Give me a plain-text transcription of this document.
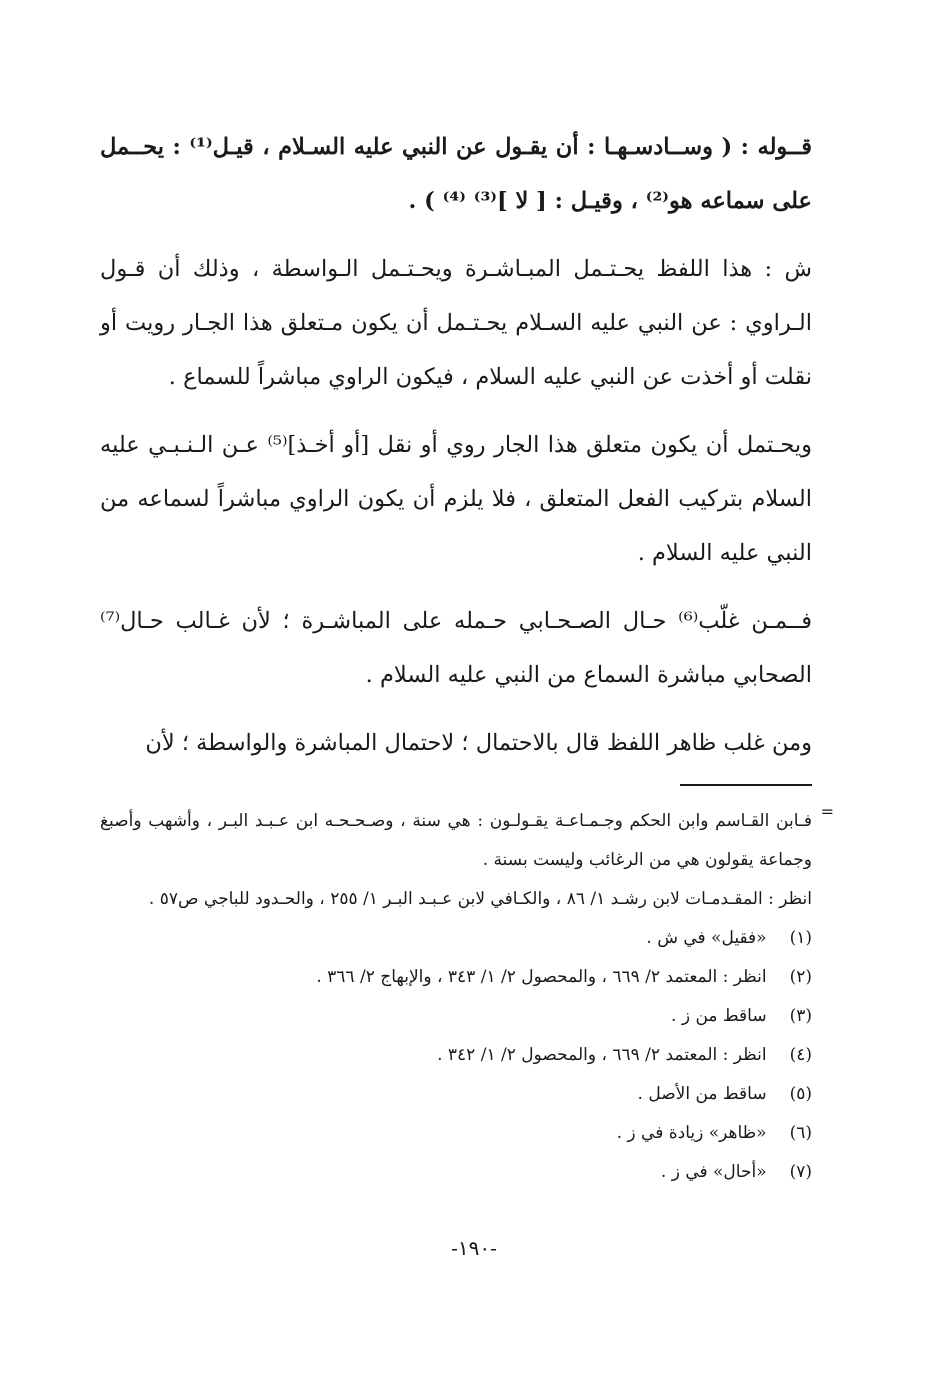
قــوله : ( وســادسـهـا : أن يقـول عن النبي عليه السـلام ، قيـل⁽¹⁾ : يحــمل على سماعه هو⁽²⁾ ، وقيـل : [ لا ]⁽³⁾ ⁽⁴⁾ ) .

ش : هذا اللفظ يحـتـمل المبـاشـرة ويحـتـمل الـواسطة ، وذلك أن قـول الـراوي : عن النبي عليه السـلام يحـتـمل أن يكون مـتعلق هذا الجـار رويت أو نقلت أو أخذت عن النبي عليه السلام ، فيكون الراوي مباشراً للسماع .

ويحـتمل أن يكون متعلق هذا الجار روي أو نقل [أو أخـذ]⁽⁵⁾ عـن الـنـبـي عليه السلام بتركيب الفعل المتعلق ، فلا يلزم أن يكون الراوي مباشراً لسماعه من النبي عليه السلام .

فــمـن غلّب⁽⁶⁾ حـال الصـحـابي حـمله على المباشـرة ؛ لأن غـالب حـال⁽⁷⁾ الصحابي مباشرة السماع من النبي عليه السلام .

ومن غلب ظاهر اللفظ قال بالاحتمال ؛ لاحتمال المباشرة والواسطة ؛ لأن

=

فـابن القـاسم وابن الحكم وجـمـاعـة يقـولـون : هي سنة ، وصـحـحـه ابن عـبـد البـر ، وأشهب وأصبغ وجماعة يقولون هي من الرغائب وليست بسنة .

انظر : المقـدمـات لابن رشـد ١/ ٨٦ ، والكـافي لابن عـبـد البـر ١/ ٢٥٥ ، والحـدود للباجي ص٥٧ .

(١) «فقيل» في ش .

(٢) انظر : المعتمد ٢/ ٦٦٩ ، والمحصول ٢/ ١/ ٣٤٣ ، والإبهاج ٢/ ٣٦٦ .

(٣) ساقط من ز .

(٤) انظر : المعتمد ٢/ ٦٦٩ ، والمحصول ٢/ ١/ ٣٤٢ .

(٥) ساقط من الأصل .

(٦) «ظاهر» زيادة في ز .

(٧) «أحال» في ز .

-١٩٠-
